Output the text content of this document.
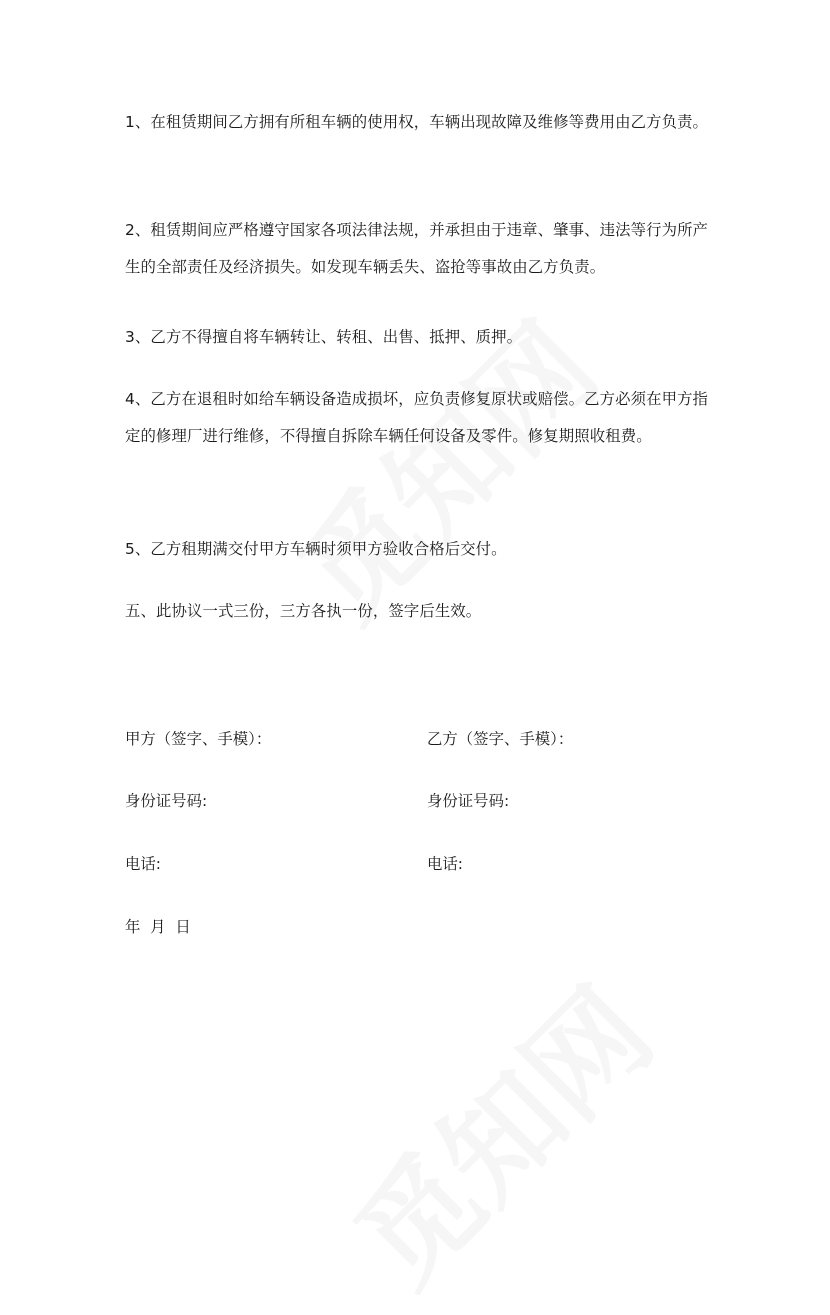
1、在租赁期间乙方拥有所租车辆的使用权，车辆出现故障及维修等费用由乙方负责。

2、租赁期间应严格遵守国家各项法律法规，并承担由于违章、肇事、违法等行为所产生的全部责任及经济损失。如发现车辆丢失、盗抢等事故由乙方负责。

3、乙方不得擅自将车辆转让、转租、出售、抵押、质押。

4、乙方在退租时如给车辆设备造成损坏，应负责修复原状或赔偿。乙方必须在甲方指定的修理厂进行维修，不得擅自拆除车辆任何设备及零件。修复期照收租费。

5、乙方租期满交付甲方车辆时须甲方验收合格后交付。

五、此协议一式三份，三方各执一份，签字后生效。

甲方（签字、手模）：	乙方（签字、手模）：

身份证号码:	身份证号码:

电话:	电话:

年  月  日
